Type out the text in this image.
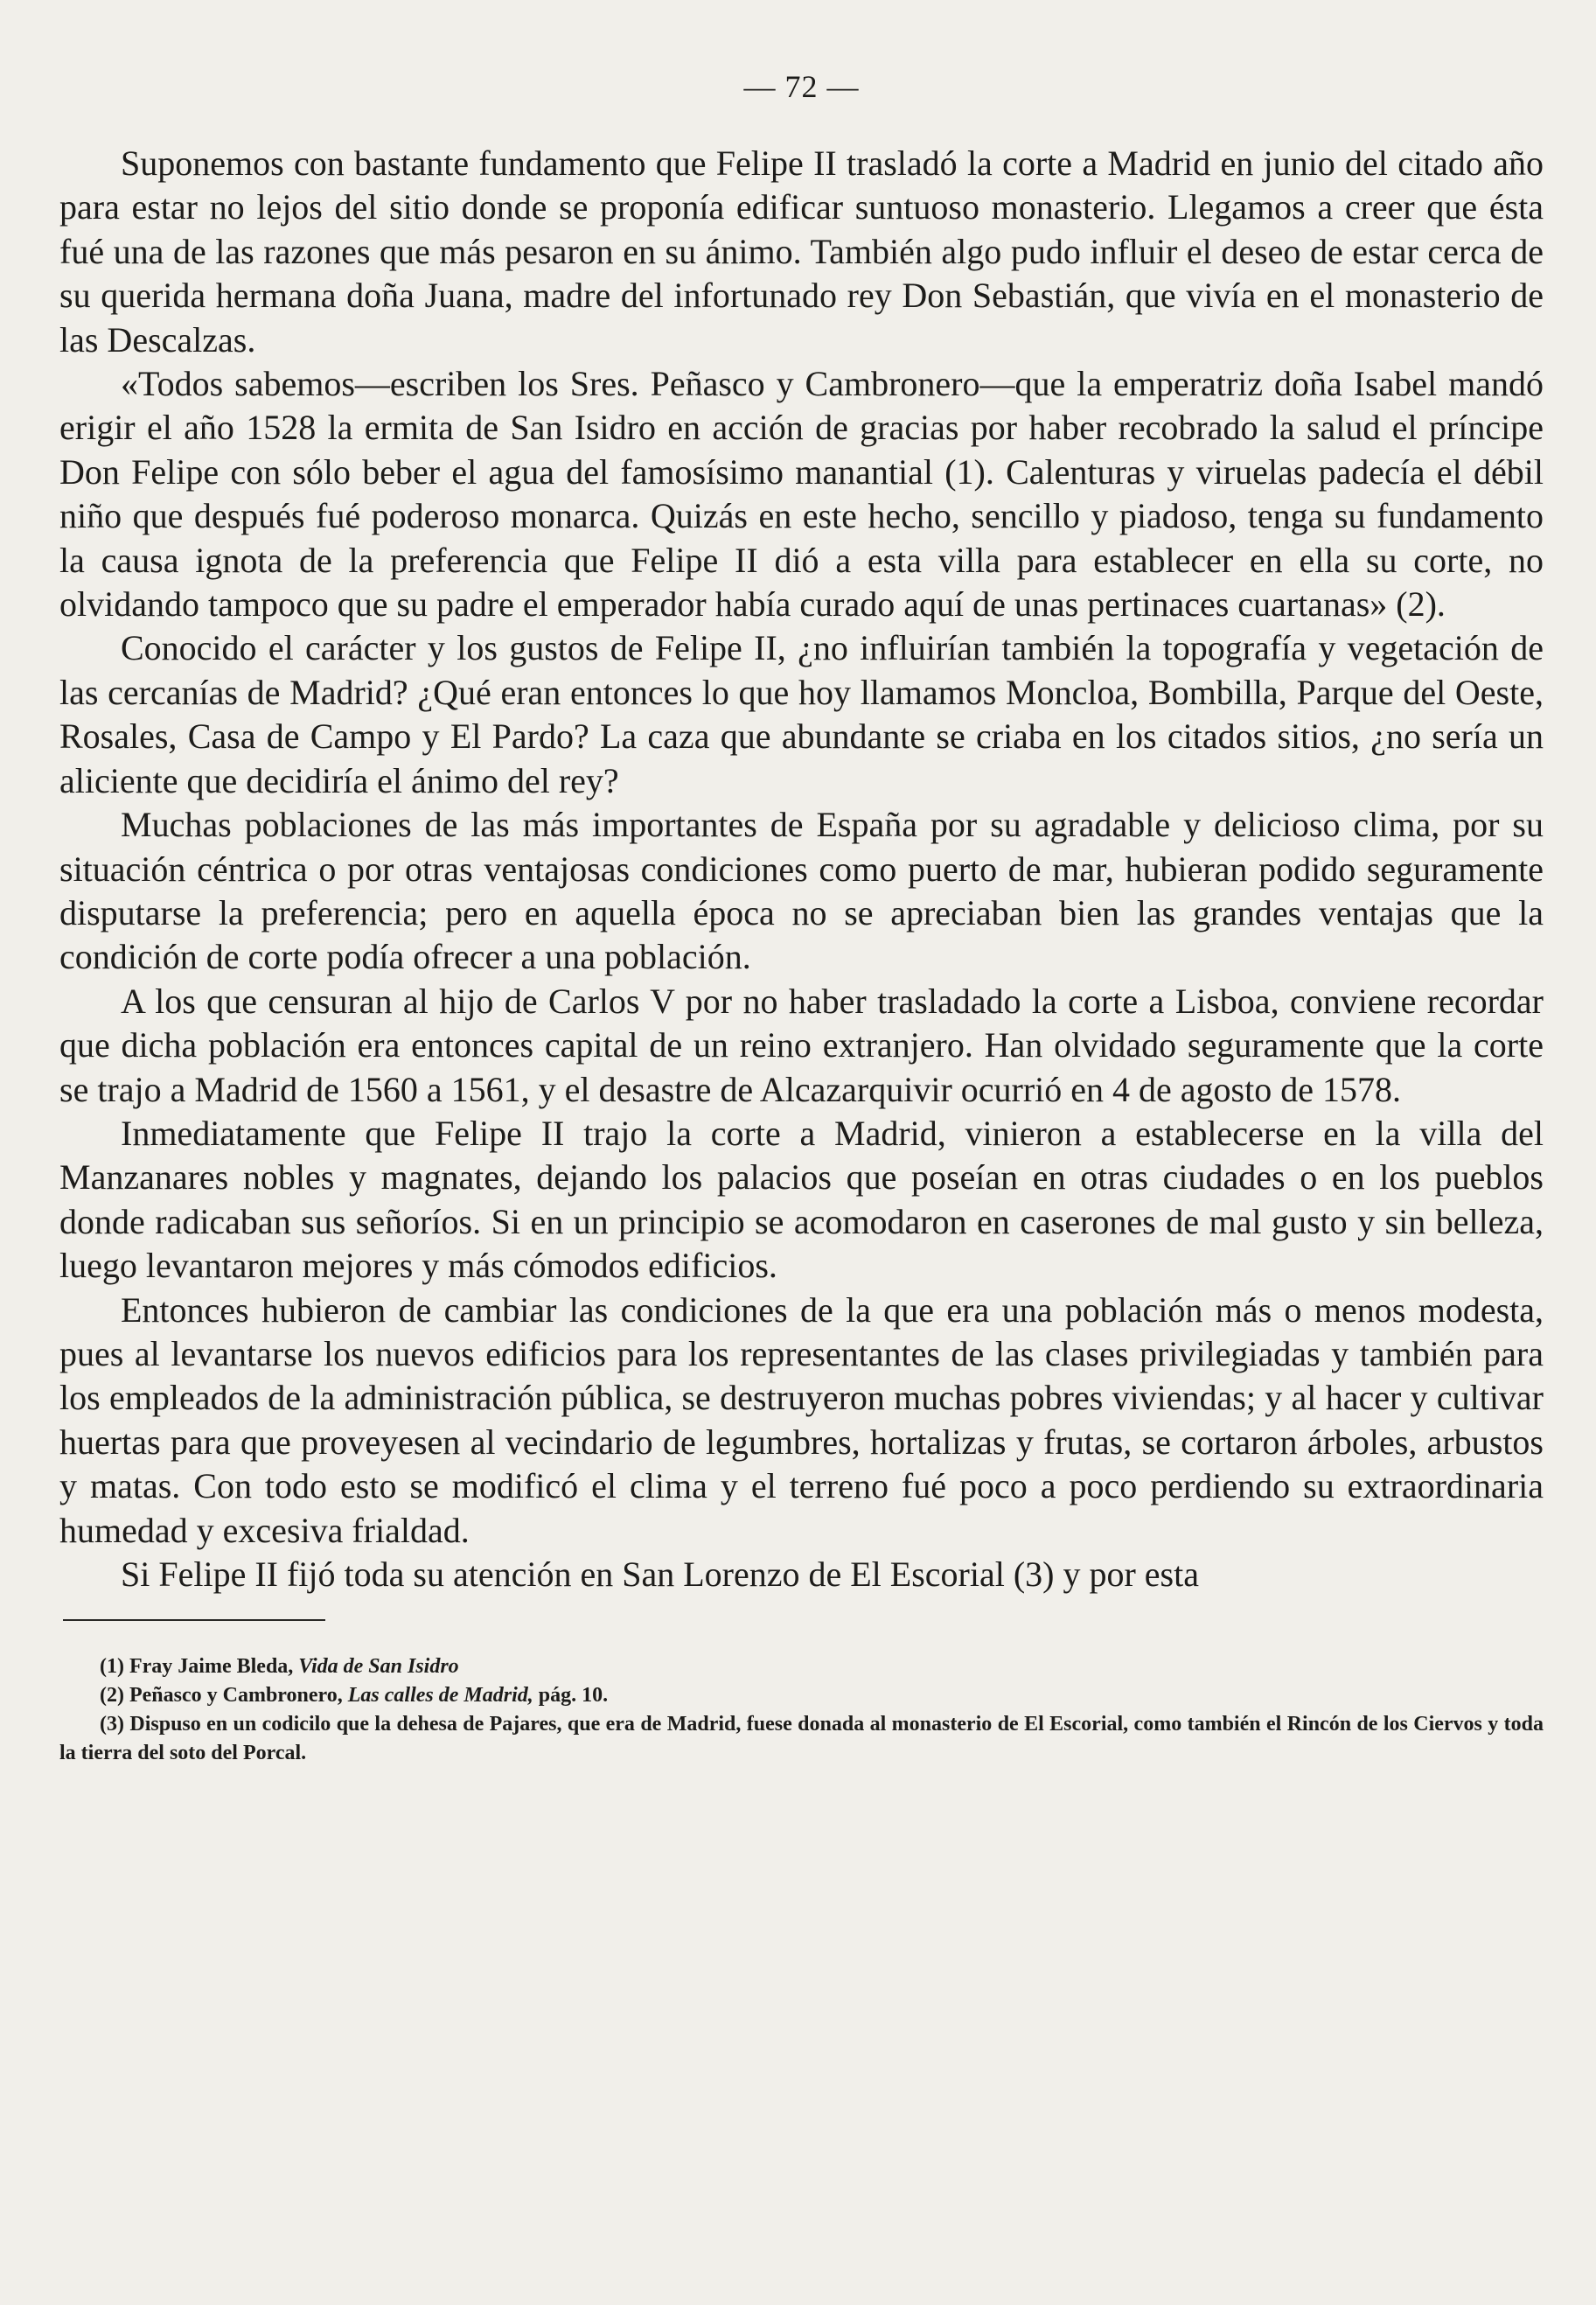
— 72 —

Suponemos con bastante fundamento que Felipe II trasladó la corte a Madrid en junio del citado año para estar no lejos del sitio donde se proponía edificar suntuoso monasterio. Llegamos a creer que ésta fué una de las razones que más pesaron en su ánimo. También algo pudo influir el deseo de estar cerca de su querida hermana doña Juana, madre del infortunado rey Don Sebastián, que vivía en el monasterio de las Descalzas.

«Todos sabemos—escriben los Sres. Peñasco y Cambronero—que la emperatriz doña Isabel mandó erigir el año 1528 la ermita de San Isidro en acción de gracias por haber recobrado la salud el príncipe Don Felipe con sólo beber el agua del famosísimo manantial (1). Calenturas y viruelas padecía el débil niño que después fué poderoso monarca. Quizás en este hecho, sencillo y piadoso, tenga su fundamento la causa ignota de la preferencia que Felipe II dió a esta villa para establecer en ella su corte, no olvidando tampoco que su padre el emperador había curado aquí de unas pertinaces cuartanas» (2).

Conocido el carácter y los gustos de Felipe II, ¿no influirían también la topografía y vegetación de las cercanías de Madrid? ¿Qué eran entonces lo que hoy llamamos Moncloa, Bombilla, Parque del Oeste, Rosales, Casa de Campo y El Pardo? La caza que abundante se criaba en los citados sitios, ¿no sería un aliciente que decidiría el ánimo del rey?

Muchas poblaciones de las más importantes de España por su agradable y delicioso clima, por su situación céntrica o por otras ventajosas condiciones como puerto de mar, hubieran podido seguramente disputarse la preferencia; pero en aquella época no se apreciaban bien las grandes ventajas que la condición de corte podía ofrecer a una población.

A los que censuran al hijo de Carlos V por no haber trasladado la corte a Lisboa, conviene recordar que dicha población era entonces capital de un reino extranjero. Han olvidado seguramente que la corte se trajo a Madrid de 1560 a 1561, y el desastre de Alcazarquivir ocurrió en 4 de agosto de 1578.

Inmediatamente que Felipe II trajo la corte a Madrid, vinieron a establecerse en la villa del Manzanares nobles y magnates, dejando los palacios que poseían en otras ciudades o en los pueblos donde radicaban sus señoríos. Si en un principio se acomodaron en caserones de mal gusto y sin belleza, luego levantaron mejores y más cómodos edificios.

Entonces hubieron de cambiar las condiciones de la que era una población más o menos modesta, pues al levantarse los nuevos edificios para los representantes de las clases privilegiadas y también para los empleados de la administración pública, se destruyeron muchas pobres viviendas; y al hacer y cultivar huertas para que proveyesen al vecindario de legumbres, hortalizas y frutas, se cortaron árboles, arbustos y matas. Con todo esto se modificó el clima y el terreno fué poco a poco perdiendo su extraordinaria humedad y excesiva frialdad.

Si Felipe II fijó toda su atención en San Lorenzo de El Escorial (3) y por esta

(1) Fray Jaime Bleda, Vida de San Isidro

(2) Peñasco y Cambronero, Las calles de Madrid, pág. 10.

(3) Dispuso en un codicilo que la dehesa de Pajares, que era de Madrid, fuese donada al monasterio de El Escorial, como también el Rincón de los Ciervos y toda la tierra del soto del Porcal.
